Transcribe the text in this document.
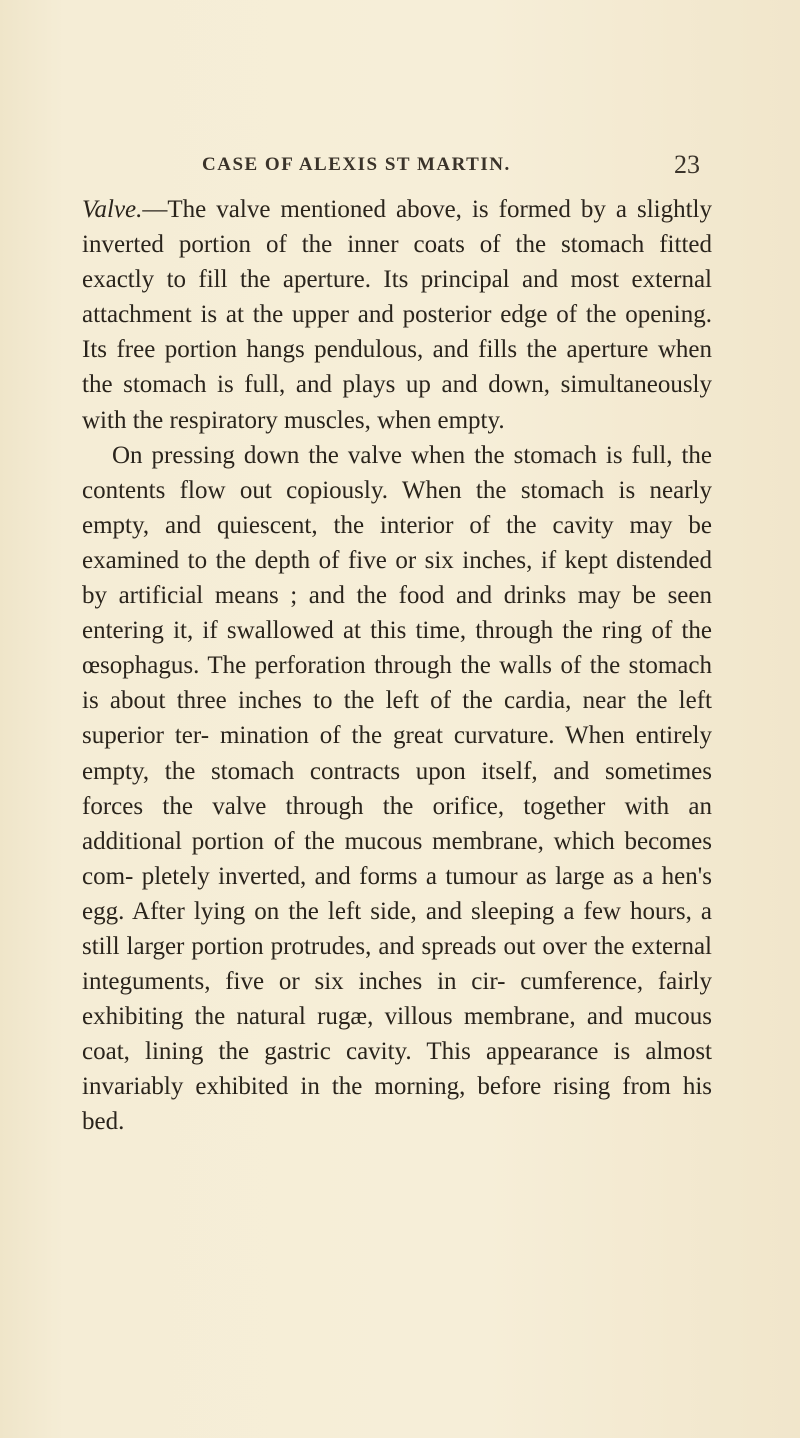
CASE OF ALEXIS ST MARTIN.	23

Valve.—The valve mentioned above, is formed by a slightly inverted portion of the inner coats of the stomach fitted exactly to fill the aperture. Its principal and most external attachment is at the upper and posterior edge of the opening. Its free portion hangs pendulous, and fills the aperture when the stomach is full, and plays up and down, simultaneously with the respiratory muscles, when empty.

On pressing down the valve when the stomach is full, the contents flow out copiously. When the stomach is nearly empty, and quiescent, the interior of the cavity may be examined to the depth of five or six inches, if kept distended by artificial means ; and the food and drinks may be seen entering it, if swallowed at this time, through the ring of the œsophagus. The perforation through the walls of the stomach is about three inches to the left of the cardia, near the left superior ter- mination of the great curvature. When entirely empty, the stomach contracts upon itself, and sometimes forces the valve through the orifice, together with an additional portion of the mucous membrane, which becomes com- pletely inverted, and forms a tumour as large as a hen's egg. After lying on the left side, and sleeping a few hours, a still larger portion protrudes, and spreads out over the external integuments, five or six inches in cir- cumference, fairly exhibiting the natural rugæ, villous membrane, and mucous coat, lining the gastric cavity. This appearance is almost invariably exhibited in the morning, before rising from his bed.
